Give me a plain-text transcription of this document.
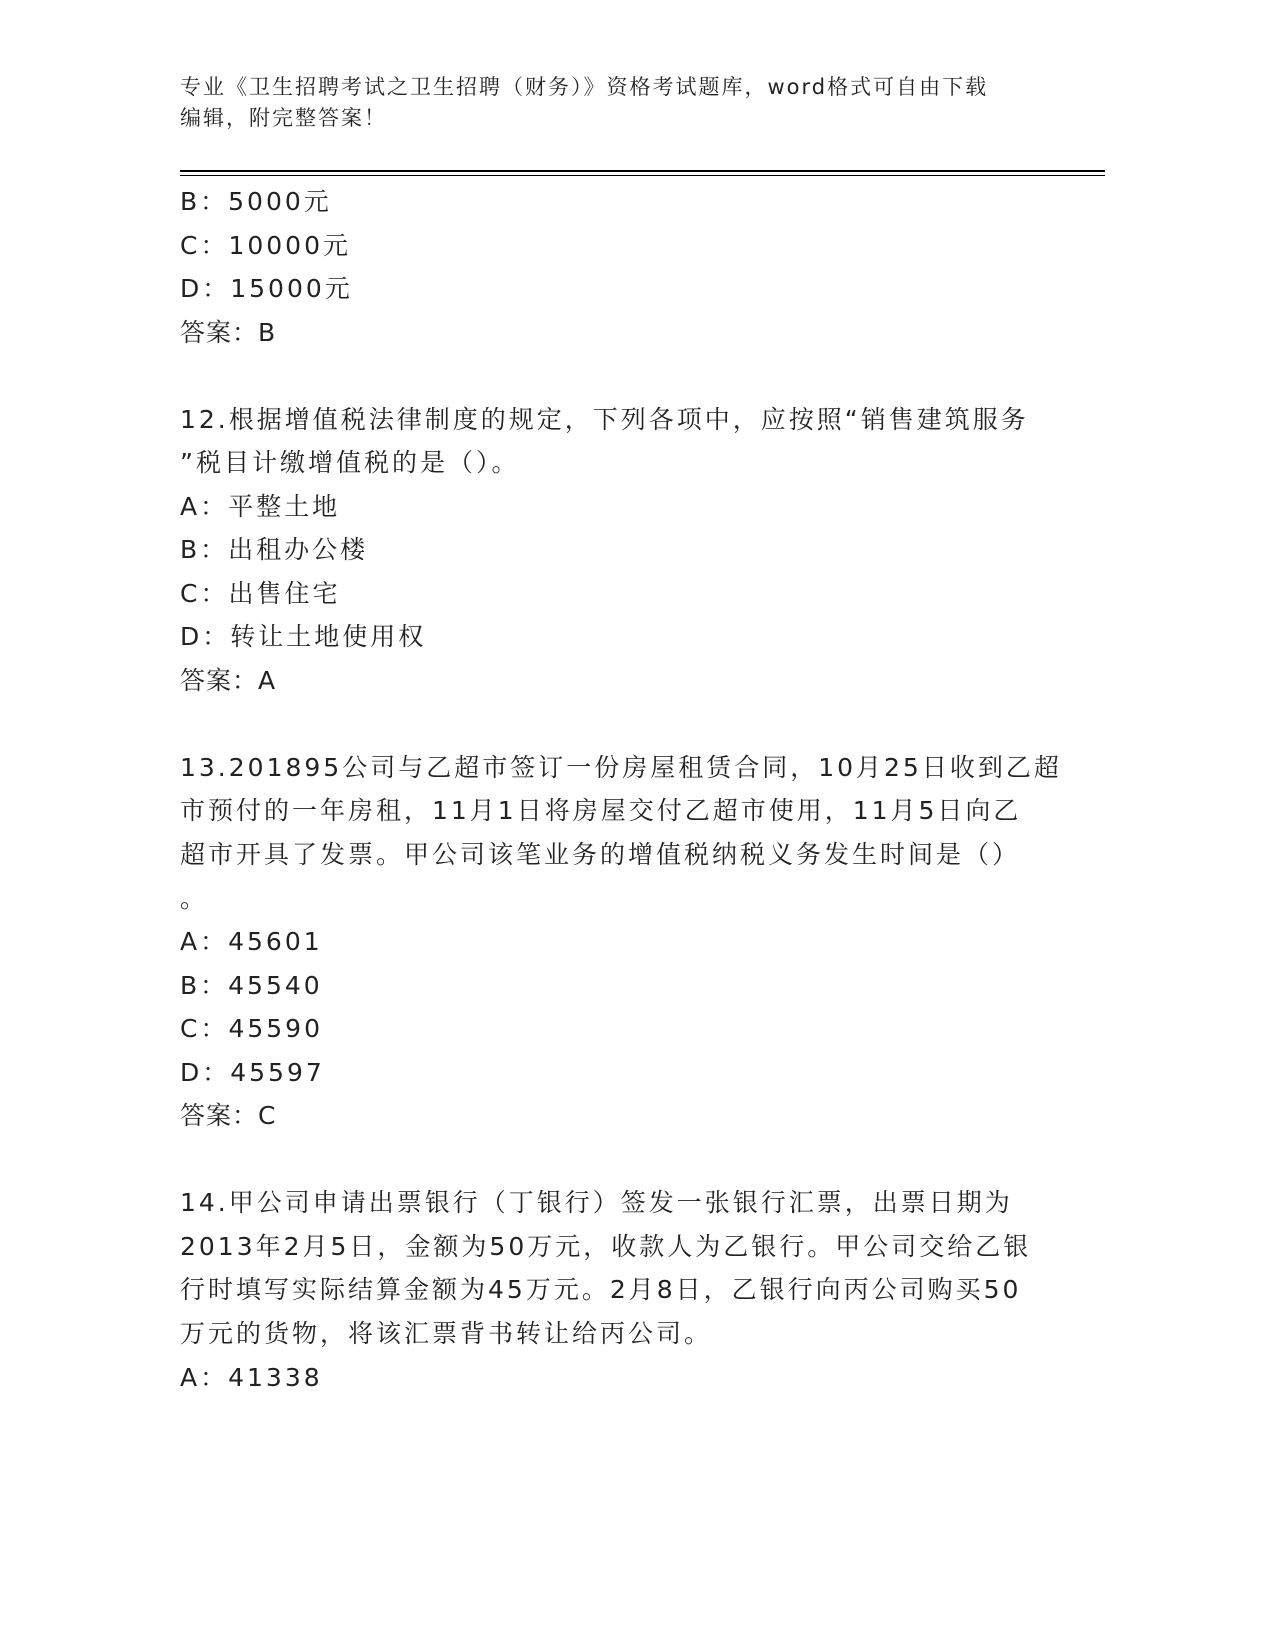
专业《卫生招聘考试之卫生招聘（财务）》资格考试题库，word格式可自由下载
编辑，附完整答案！
B：5000元
C：10000元
D：15000元
答案：B
12.根据增值税法律制度的规定，下列各项中，应按照“销售建筑服务
”税目计缴增值税的是（）。
A：平整土地
B：出租办公楼
C：出售住宅
D：转让土地使用权
答案：A
13.201895公司与乙超市签订一份房屋租赁合同，10月25日收到乙超
市预付的一年房租，11月1日将房屋交付乙超市使用，11月5日向乙
超市开具了发票。甲公司该笔业务的增值税纳税义务发生时间是（）
。
A：45601
B：45540
C：45590
D：45597
答案：C
14.甲公司申请出票银行（丁银行）签发一张银行汇票，出票日期为
2013年2月5日，金额为50万元，收款人为乙银行。甲公司交给乙银
行时填写实际结算金额为45万元。2月8日，乙银行向丙公司购买50
万元的货物，将该汇票背书转让给丙公司。
A：41338
